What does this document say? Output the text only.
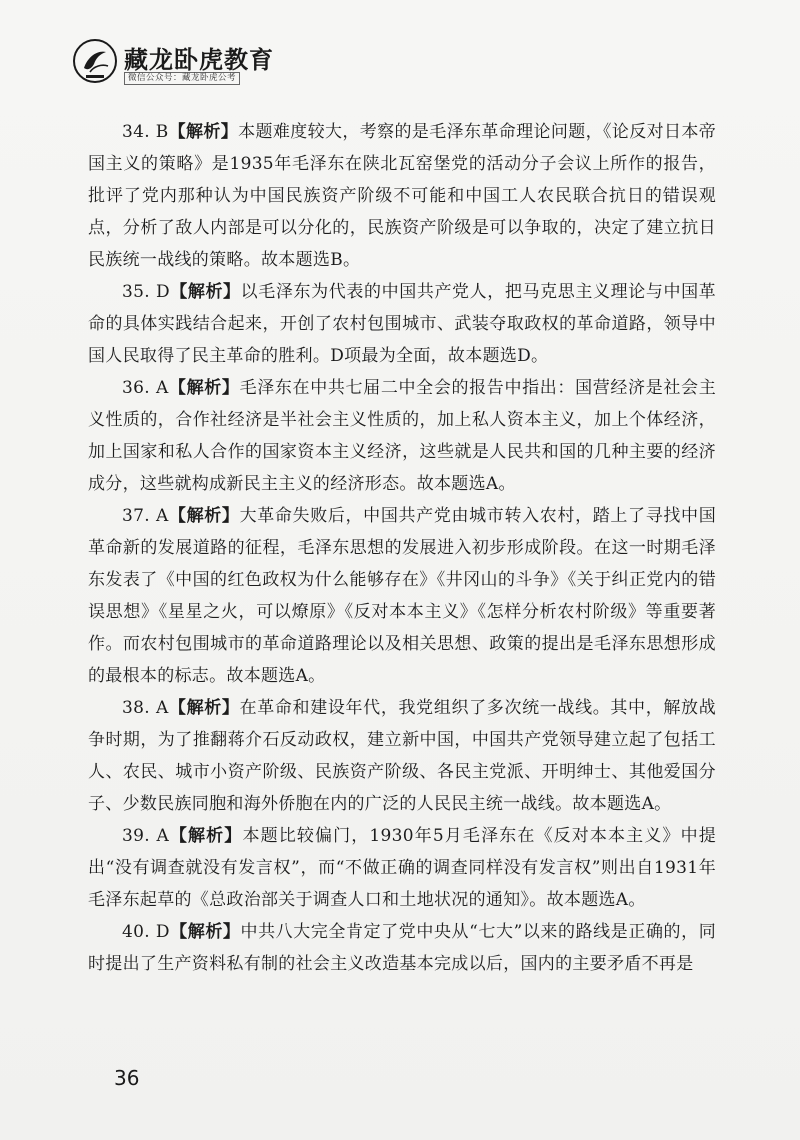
藏龙卧虎教育
微信公众号：藏龙卧虎公考

34. B【解析】本题难度较大，考察的是毛泽东革命理论问题，《论反对日本帝国主义的策略》是1935年毛泽东在陕北瓦窑堡党的活动分子会议上所作的报告，批评了党内那种认为中国民族资产阶级不可能和中国工人农民联合抗日的错误观点，分析了敌人内部是可以分化的，民族资产阶级是可以争取的，决定了建立抗日民族统一战线的策略。故本题选B。

35. D【解析】以毛泽东为代表的中国共产党人，把马克思主义理论与中国革命的具体实践结合起来，开创了农村包围城市、武装夺取政权的革命道路，领导中国人民取得了民主革命的胜利。D项最为全面，故本题选D。

36. A【解析】毛泽东在中共七届二中全会的报告中指出：国营经济是社会主义性质的，合作社经济是半社会主义性质的，加上私人资本主义，加上个体经济，加上国家和私人合作的国家资本主义经济，这些就是人民共和国的几种主要的经济成分，这些就构成新民主主义的经济形态。故本题选A。

37. A【解析】大革命失败后，中国共产党由城市转入农村，踏上了寻找中国革命新的发展道路的征程，毛泽东思想的发展进入初步形成阶段。在这一时期毛泽东发表了《中国的红色政权为什么能够存在》《井冈山的斗争》《关于纠正党内的错误思想》《星星之火，可以燎原》《反对本本主义》《怎样分析农村阶级》等重要著作。而农村包围城市的革命道路理论以及相关思想、政策的提出是毛泽东思想形成的最根本的标志。故本题选A。

38. A【解析】在革命和建设年代，我党组织了多次统一战线。其中，解放战争时期，为了推翻蒋介石反动政权，建立新中国，中国共产党领导建立起了包括工人、农民、城市小资产阶级、民族资产阶级、各民主党派、开明绅士、其他爱国分子、少数民族同胞和海外侨胞在内的广泛的人民民主统一战线。故本题选A。

39. A【解析】本题比较偏门，1930年5月毛泽东在《反对本本主义》中提出“没有调查就没有发言权”，而“不做正确的调查同样没有发言权”则出自1931年毛泽东起草的《总政治部关于调查人口和土地状况的通知》。故本题选A。

40. D【解析】中共八大完全肯定了党中央从“七大”以来的路线是正确的，同时提出了生产资料私有制的社会主义改造基本完成以后，国内的主要矛盾不再是

36
